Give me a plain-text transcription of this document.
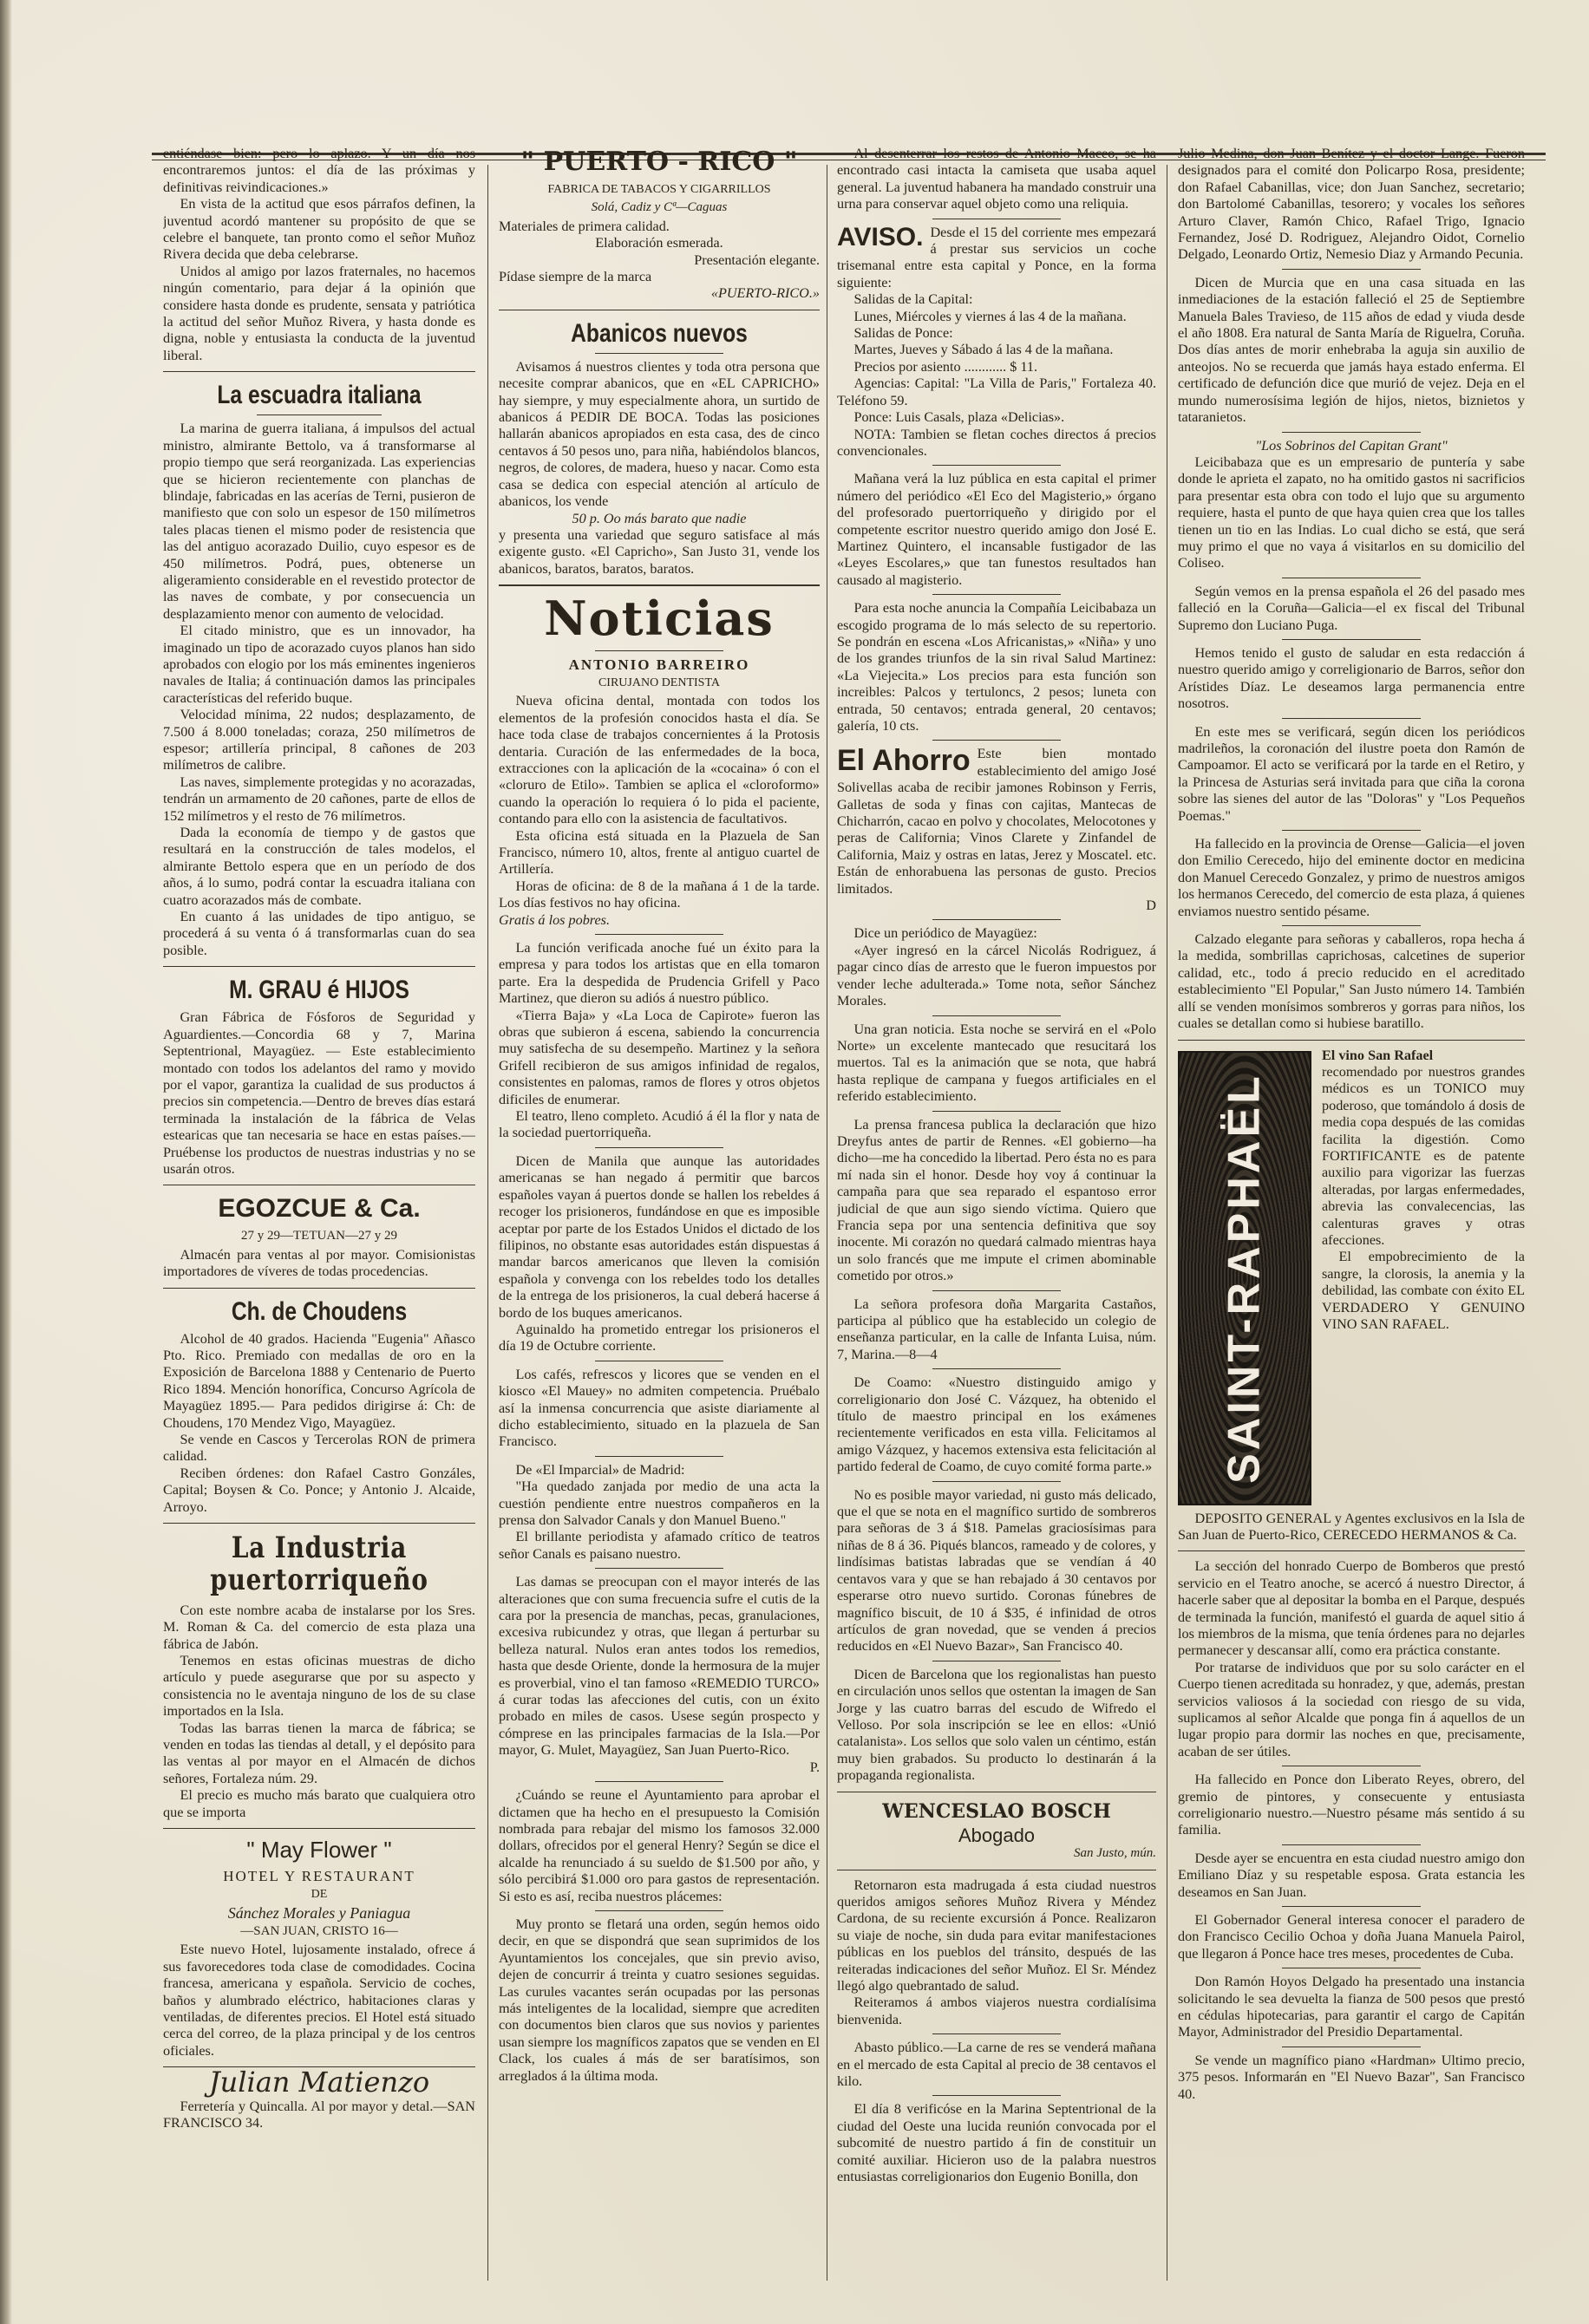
entiéndase bien: pero lo aplazo. Y un día nos encontraremos juntos: el día de las próximas y definitivas reivindicaciones.»

En vista de la actitud que esos párrafos definen, la juventud acordó mantener su propósito de que se celebre el banquete, tan pronto como el señor Muñoz Rivera decida que deba celebrarse.

Unidos al amigo por lazos fraternales, no hacemos ningún comentario, para dejar á la opinión que considere hasta donde es prudente, sensata y patriótica la actitud del señor Muñoz Rivera, y hasta donde es digna, noble y entusiasta la conducta de la juventud liberal.

La escuadra italiana

La marina de guerra italiana, á impulsos del actual ministro, almirante Bettolo, va á transformarse al propio tiempo que será reorganizada. Las experiencias que se hicieron recientemente con planchas de blindaje, fabricadas en las acerías de Terni, pusieron de manifiesto que con solo un espesor de 150 milímetros tales placas tienen el mismo poder de resistencia que las del antiguo acorazado Duilio, cuyo espesor es de 450 milímetros. Podrá, pues, obtenerse un aligeramiento considerable en el revestido protector de las naves de combate, y por consecuencia un desplazamiento menor con aumento de velocidad.

El citado ministro, que es un innovador, ha imaginado un tipo de acorazado cuyos planos han sido aprobados con elogio por los más eminentes ingenieros navales de Italia; á continuación damos las principales características del referido buque.

Velocidad mínima, 22 nudos; desplazamento, de 7.500 á 8.000 toneladas; coraza, 250 milímetros de espesor; artillería principal, 8 cañones de 203 milímetros de calibre.

Las naves, simplemente protegidas y no acorazadas, tendrán un armamento de 20 cañones, parte de ellos de 152 milímetros y el resto de 76 milímetros.

Dada la economía de tiempo y de gastos que resultará en la construcción de tales modelos, el almirante Bettolo espera que en un período de dos años, á lo sumo, podrá contar la escuadra italiana con cuatro acorazados más de combate.

En cuanto á las unidades de tipo antiguo, se procederá á su venta ó á transformarlas cuan do sea posible.

M. GRAU é HIJOS

Gran Fábrica de Fósforos de Seguridad y Aguardientes.—Concordia 68 y 7, Marina Septentrional, Mayagüez. — Este establecimiento montado con todos los adelantos del ramo y movido por el vapor, garantiza la cualidad de sus productos á precios sin competencia.—Dentro de breves días estará terminada la instalación de la fábrica de Velas estearicas que tan necesaria se hace en estas países.—Pruébense los productos de nuestras industrias y no se usarán otros.

EGOZCUE & Ca.
27 y 29—TETUAN—27 y 29

Almacén para ventas al por mayor. Comisionistas importadores de víveres de todas procedencias.

Ch. de Choudens

Alcohol de 40 grados. Hacienda "Eugenia" Añasco Pto. Rico. Premiado con medallas de oro en la Exposición de Barcelona 1888 y Centenario de Puerto Rico 1894. Mención honorífica, Concurso Agrícola de Mayagüez 1895.— Para pedidos dirigirse á: Ch: de Choudens, 170 Mendez Vigo, Mayagüez.

Se vende en Cascos y Tercerolas RON de primera calidad.

Reciben órdenes: don Rafael Castro Gonzáles, Capital; Boysen & Co. Ponce; y Antonio J. Alcaide, Arroyo.

La Industria puertorriqueño

Con este nombre acaba de instalarse por los Sres. M. Roman & Ca. del comercio de esta plaza una fábrica de Jabón.

Tenemos en estas oficinas muestras de dicho artículo y puede asegurarse que por su aspecto y consistencia no le aventaja ninguno de los de su clase importados en la Isla.

Todas las barras tienen la marca de fábrica; se venden en todas las tiendas al detall, y el depósito para las ventas al por mayor en el Almacén de dichos señores, Fortaleza núm. 29.

El precio es mucho más barato que cualquiera otro que se importa

" May Flower "
HOTEL Y RESTAURANT
DE
Sánchez Morales y Paniagua
—SAN JUAN, CRISTO 16—

Este nuevo Hotel, lujosamente instalado, ofrece á sus favorecedores toda clase de comodidades. Cocina francesa, americana y española. Servicio de coches, baños y alumbrado eléctrico, habitaciones claras y ventiladas, de diferentes precios. El Hotel está situado cerca del correo, de la plaza principal y de los centros oficiales.

Julian Matienzo

Ferretería y Quincalla. Al por mayor y detal.—SAN FRANCISCO 34.

" PUERTO - RICO "
FABRICA DE TABACOS Y CIGARRILLOS
Solá, Cadiz y Cª—Caguas

Materiales de primera calidad.

Elaboración esmerada.

Presentación elegante.

Pídase siempre de la marca

«PUERTO-RICO.»

Abanicos nuevos

Avisamos á nuestros clientes y toda otra persona que necesite comprar abanicos, que en «EL CAPRICHO» hay siempre, y muy especialmente ahora, un surtido de abanicos á PEDIR DE BOCA. Todas las posiciones hallarán abanicos apropiados en esta casa, des de cinco centavos á 50 pesos uno, para niña, habiéndolos blancos, negros, de colores, de madera, hueso y nacar. Como esta casa se dedica con especial atención al artículo de abanicos, los vende

50 p. Oo más barato que nadie

y presenta una variedad que seguro satisface al más exigente gusto. «El Capricho», San Justo 31, vende los abanicos, baratos, baratos, baratos.

Noticias
ANTONIO BARREIRO
CIRUJANO DENTISTA

Nueva oficina dental, montada con todos los elementos de la profesión conocidos hasta el día. Se hace toda clase de trabajos concernientes á la Protosis dentaria. Curación de las enfermedades de la boca, extracciones con la aplicación de la «cocaina» ó con el «cloruro de Etilo». Tambien se aplica el «cloroformo» cuando la operación lo requiera ó lo pida el paciente, contando para ello con la asistencia de facultativos.

Esta oficina está situada en la Plazuela de San Francisco, número 10, altos, frente al antiguo cuartel de Artillería.

Horas de oficina: de 8 de la mañana á 1 de la tarde. Los días festivos no hay oficina.

Gratis á los pobres.

La función verificada anoche fué un éxito para la empresa y para todos los artistas que en ella tomaron parte. Era la despedida de Prudencia Grifell y Paco Martinez, que dieron su adiós á nuestro público.

«Tierra Baja» y «La Loca de Capirote» fueron las obras que subieron á escena, sabiendo la concurrencia muy satisfecha de su desempeño. Martinez y la señora Grifell recibieron de sus amigos infinidad de regalos, consistentes en palomas, ramos de flores y otros objetos dificiles de enumerar.

El teatro, lleno completo. Acudió á él la flor y nata de la sociedad puertorriqueña.

Dicen de Manila que aunque las autoridades americanas se han negado á permitir que barcos españoles vayan á puertos donde se hallen los rebeldes á recoger los prisioneros, fundándose en que es imposible aceptar por parte de los Estados Unidos el dictado de los filipinos, no obstante esas autoridades están dispuestas á mandar barcos americanos que lleven la comisión española y convenga con los rebeldes todo los detalles de la entrega de los prisioneros, la cual deberá hacerse á bordo de los buques americanos.

Aguinaldo ha prometido entregar los prisioneros el día 19 de Octubre corriente.

Los cafés, refrescos y licores que se venden en el kiosco «El Mauey» no admiten competencia. Pruébalo así la inmensa concurrencia que asiste diariamente al dicho establecimiento, situado en la plazuela de San Francisco.

De «El Imparcial» de Madrid:

"Ha quedado zanjada por medio de una acta la cuestión pendiente entre nuestros compañeros en la prensa don Salvador Canals y don Manuel Bueno."

El brillante periodista y afamado crítico de teatros señor Canals es paisano nuestro.

Las damas se preocupan con el mayor interés de las alteraciones que con suma frecuencia sufre el cutis de la cara por la presencia de manchas, pecas, granulaciones, excesiva rubicundez y otras, que llegan á perturbar su belleza natural. Nulos eran antes todos los remedios, hasta que desde Oriente, donde la hermosura de la mujer es proverbial, vino el tan famoso «REMEDIO TURCO» á curar todas las afecciones del cutis, con un éxito probado en miles de casos. Usese según prospecto y cómprese en las principales farmacias de la Isla.—Por mayor, G. Mulet, Mayagüez, San Juan Puerto-Rico.

P.

¿Cuándo se reune el Ayuntamiento para aprobar el dictamen que ha hecho en el presupuesto la Comisión nombrada para rebajar del mismo los famosos 32.000 dollars, ofrecidos por el general Henry? Según se dice el alcalde ha renunciado á su sueldo de $1.500 por año, y sólo percibirá $1.000 oro para gastos de representación. Si esto es así, reciba nuestros plácemes:

Muy pronto se fletará una orden, según hemos oido decir, en que se dispondrá que sean suprimidos de los Ayuntamientos los concejales, que sin previo aviso, dejen de concurrir á treinta y cuatro sesiones seguidas. Las curules vacantes serán ocupadas por las personas más inteligentes de la localidad, siempre que acrediten con documentos bien claros que sus novios y parientes usan siempre los magníficos zapatos que se venden en El Clack, los cuales á más de ser baratísimos, son arreglados á la última moda.

Al desenterrar los restos de Antonio Maceo, se ha encontrado casi intacta la camiseta que usaba aquel general. La juventud habanera ha mandado construir una urna para conservar aquel objeto como una reliquia.

AVISO. Desde el 15 del corriente mes empezará á prestar sus servicios un coche trisemanal entre esta capital y Ponce, en la forma siguiente:

Salidas de la Capital:

Lunes, Miércoles y viernes á las 4 de la mañana.

Salidas de Ponce:

Martes, Jueves y Sábado á las 4 de la mañana.

Precios por asiento ............ $ 11.

Agencias: Capital: "La Villa de Paris," Fortaleza 40. Teléfono 59.

Ponce: Luis Casals, plaza «Delicias».

NOTA: Tambien se fletan coches directos á precios convencionales.

Mañana verá la luz pública en esta capital el primer número del periódico «El Eco del Magisterio,» órgano del profesorado puertorriqueño y dirigido por el competente escritor nuestro querido amigo don José E. Martinez Quintero, el incansable fustigador de las «Leyes Escolares,» que tan funestos resultados han causado al magisterio.

Para esta noche anuncia la Compañía Leicibabaza un escogido programa de lo más selecto de su repertorio. Se pondrán en escena «Los Africanistas,» «Niña» y uno de los grandes triunfos de la sin rival Salud Martinez: «La Viejecita.» Los precios para esta función son increibles: Palcos y tertuloncs, 2 pesos; luneta con entrada, 50 centavos; entrada general, 20 centavos; galería, 10 cts.

El Ahorro Este bien montado establecimiento del amigo José Solivellas acaba de recibir jamones Robinson y Ferris, Galletas de soda y finas con cajitas, Mantecas de Chicharrón, cacao en polvo y chocolates, Melocotones y peras de California; Vinos Clarete y Zinfandel de California, Maiz y ostras en latas, Jerez y Moscatel. etc. Están de enhorabuena las personas de gusto. Precios limitados.

D

Dice un periódico de Mayagüez:

«Ayer ingresó en la cárcel Nicolás Rodriguez, á pagar cinco días de arresto que le fueron impuestos por vender leche adulterada.» Tome nota, señor Sánchez Morales.

Una gran noticia. Esta noche se servirá en el «Polo Norte» un excelente mantecado que resucitará los muertos. Tal es la animación que se nota, que habrá hasta replique de campana y fuegos artificiales en el referido establecimiento.

La prensa francesa publica la declaración que hizo Dreyfus antes de partir de Rennes. «El gobierno—ha dicho—me ha concedido la libertad. Pero ésta no es para mí nada sin el honor. Desde hoy voy á continuar la campaña para que sea reparado el espantoso error judicial de que aun sigo siendo víctima. Quiero que Francia sepa por una sentencia definitiva que soy inocente. Mi corazón no quedará calmado mientras haya un solo francés que me impute el crimen abominable cometido por otros.»

La señora profesora doña Margarita Castaños, participa al público que ha establecido un colegio de enseñanza particular, en la calle de Infanta Luisa, núm. 7, Marina.—8—4

De Coamo: «Nuestro distinguido amigo y correligionario don José C. Vázquez, ha obtenido el título de maestro principal en los exámenes recientemente verificados en esta villa. Felicitamos al amigo Vázquez, y hacemos extensiva esta felicitación al partido federal de Coamo, de cuyo comité forma parte.»

No es posible mayor variedad, ni gusto más delicado, que el que se nota en el magnífico surtido de sombreros para señoras de 3 á $18. Pamelas graciosísimas para niñas de 8 á 36. Piqués blancos, rameado y de colores, y lindísimas batistas labradas que se vendían á 40 centavos vara y que se han rebajado á 30 centavos por esperarse otro nuevo surtido. Coronas fúnebres de magnífico biscuit, de 10 á $35, é infinidad de otros artículos de gran novedad, que se venden á precios reducidos en «El Nuevo Bazar», San Francisco 40.

Dicen de Barcelona que los regionalistas han puesto en circulación unos sellos que ostentan la imagen de San Jorge y las cuatro barras del escudo de Wifredo el Velloso. Por sola inscripción se lee en ellos: «Unió catalanista». Los sellos que solo valen un céntimo, están muy bien grabados. Su producto lo destinarán á la propaganda regionalista.

WENCESLAO BOSCH
Abogado
San Justo, mún.

Retornaron esta madrugada á esta ciudad nuestros queridos amigos señores Muñoz Rivera y Méndez Cardona, de su reciente excursión á Ponce. Realizaron su viaje de noche, sin duda para evitar manifestaciones públicas en los pueblos del tránsito, después de las reiteradas indicaciones del señor Muñoz. El Sr. Méndez llegó algo quebrantado de salud.

Reiteramos á ambos viajeros nuestra cordialísima bienvenida.

Abasto público.—La carne de res se venderá mañana en el mercado de esta Capital al precio de 38 centavos el kilo.

El día 8 verificóse en la Marina Septentrional de la ciudad del Oeste una lucida reunión convocada por el subcomité de nuestro partido á fin de constituir un comité auxiliar. Hicieron uso de la palabra nuestros entusiastas correligionarios don Eugenio Bonilla, don

Julio Medina, don Juan Benítez y el doctor Lange. Fueron designados para el comité don Policarpo Rosa, presidente; don Rafael Cabanillas, vice; don Juan Sanchez, secretario; don Bartolomé Cabanillas, tesorero; y vocales los señores Arturo Claver, Ramón Chico, Rafael Trigo, Ignacio Fernandez, José D. Rodriguez, Alejandro Oidot, Cornelio Delgado, Leonardo Ortiz, Nemesio Diaz y Armando Pecunia.

Dicen de Murcia que en una casa situada en las inmediaciones de la estación falleció el 25 de Septiembre Manuela Bales Travieso, de 115 años de edad y viuda desde el año 1808. Era natural de Santa María de Riguelra, Coruña. Dos días antes de morir enhebraba la aguja sin auxilio de anteojos. No se recuerda que jamás haya estado enferma. El certificado de defunción dice que murió de vejez. Deja en el mundo numerosísima legión de hijos, nietos, biznietos y tataranietos.

"Los Sobrinos del Capitan Grant"

Leicibabaza que es un empresario de puntería y sabe donde le aprieta el zapato, no ha omitido gastos ni sacrificios para presentar esta obra con todo el lujo que su argumento requiere, hasta el punto de que haya quien crea que los talles tienen un tio en las Indias. Lo cual dicho se está, que será muy primo el que no vaya á visitarlos en su domicilio del Coliseo.

Según vemos en la prensa española el 26 del pasado mes falleció en la Coruña—Galicia—el ex fiscal del Tribunal Supremo don Luciano Puga.

Hemos tenido el gusto de saludar en esta redacción á nuestro querido amigo y correligionario de Barros, señor don Arístides Díaz. Le deseamos larga permanencia entre nosotros.

En este mes se verificará, según dicen los periódicos madrileños, la coronación del ilustre poeta don Ramón de Campoamor. El acto se verificará por la tarde en el Retiro, y la Princesa de Asturias será invitada para que ciña la corona sobre las sienes del autor de las "Doloras" y "Los Pequeños Poemas."

Ha fallecido en la provincia de Orense—Galicia—el joven don Emilio Cerecedo, hijo del eminente doctor en medicina don Manuel Cerecedo Gonzalez, y primo de nuestros amigos los hermanos Cerecedo, del comercio de esta plaza, á quienes enviamos nuestro sentido pésame.

Calzado elegante para señoras y caballeros, ropa hecha á la medida, sombrillas caprichosas, calcetines de superior calidad, etc., todo á precio reducido en el acreditado establecimiento "El Popular," San Justo número 14. También allí se venden monísimos sombreros y gorras para niños, los cuales se detallan como si hubiese baratillo.

SAINT-RAPHAËL

El vino San Rafael

recomendado por nuestros grandes médicos es un TONICO muy poderoso, que tomándolo á dosis de media copa después de las comidas facilita la digestión. Como FORTIFICANTE es de patente auxilio para vigorizar las fuerzas alteradas, por largas enfermedades, abrevia las convalecencias, las calenturas graves y otras afecciones.

El empobrecimiento de la sangre, la clorosis, la anemia y la debilidad, las combate con éxito EL VERDADERO Y GENUINO VINO SAN RAFAEL.

DEPOSITO GENERAL y Agentes exclusivos en la Isla de San Juan de Puerto-Rico, CERECEDO HERMANOS & Ca.

La sección del honrado Cuerpo de Bomberos que prestó servicio en el Teatro anoche, se acercó á nuestro Director, á hacerle saber que al depositar la bomba en el Parque, después de terminada la función, manifestó el guarda de aquel sitio á los miembros de la misma, que tenía órdenes para no dejarles permanecer y descansar allí, como era práctica constante.

Por tratarse de individuos que por su solo carácter en el Cuerpo tienen acreditada su honradez, y que, además, prestan servicios valiosos á la sociedad con riesgo de su vida, suplicamos al señor Alcalde que ponga fin á aquellos de un lugar propio para dormir las noches en que, precisamente, acaban de ser útiles.

Ha fallecido en Ponce don Liberato Reyes, obrero, del gremio de pintores, y consecuente y entusiasta correligionario nuestro.—Nuestro pésame más sentido á su familia.

Desde ayer se encuentra en esta ciudad nuestro amigo don Emiliano Díaz y su respetable esposa. Grata estancia les deseamos en San Juan.

El Gobernador General interesa conocer el paradero de don Francisco Cecilio Ochoa y doña Juana Manuela Pairol, que llegaron á Ponce hace tres meses, procedentes de Cuba.

Don Ramón Hoyos Delgado ha presentado una instancia solicitando le sea devuelta la fianza de 500 pesos que prestó en cédulas hipotecarias, para garantir el cargo de Capitán Mayor, Administrador del Presidio Departamental.

Se vende un magnífico piano «Hardman» Ultimo precio, 375 pesos. Informarán en "El Nuevo Bazar", San Francisco 40.
